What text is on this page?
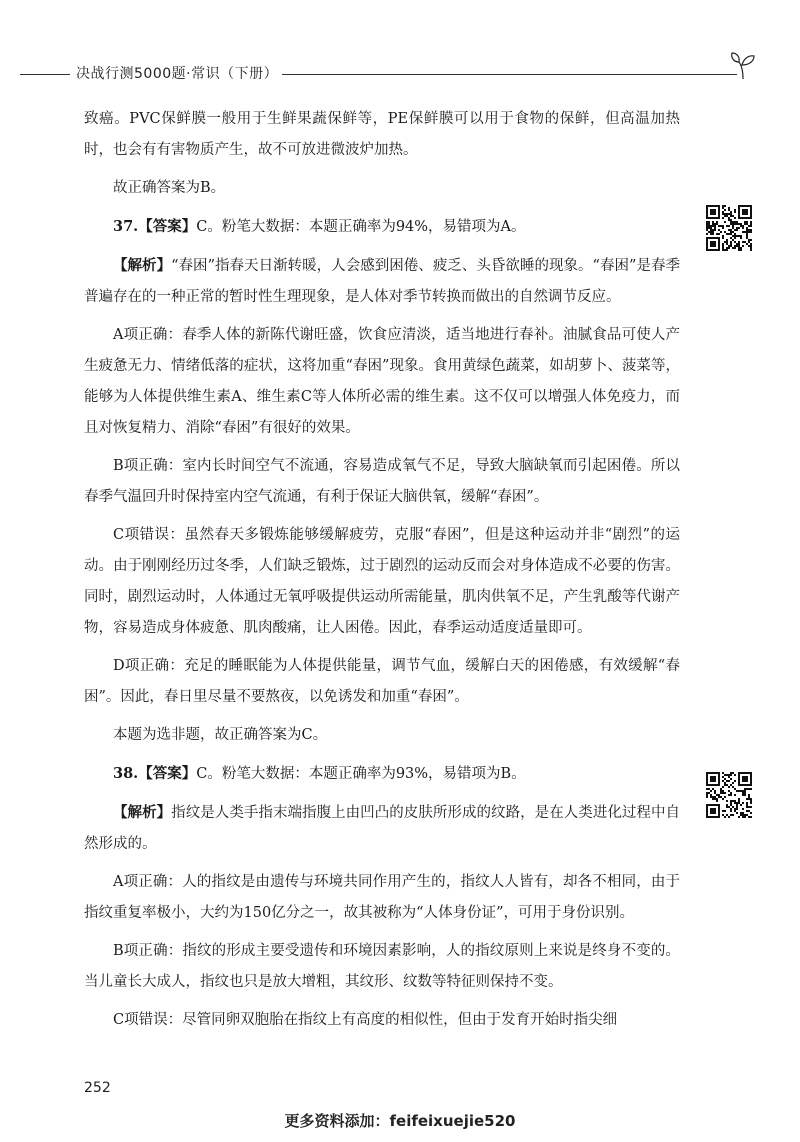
决战行测5000题·常识（下册）

致癌。PVC保鲜膜一般用于生鲜果蔬保鲜等，PE保鲜膜可以用于食物的保鲜，但高温加热时，也会有有害物质产生，故不可放进微波炉加热。

故正确答案为B。

37.【答案】C。粉笔大数据：本题正确率为94%，易错项为A。

【解析】“春困”指春天日渐转暖，人会感到困倦、疲乏、头昏欲睡的现象。“春困”是春季普遍存在的一种正常的暂时性生理现象，是人体对季节转换而做出的自然调节反应。

A项正确：春季人体的新陈代谢旺盛，饮食应清淡，适当地进行春补。油腻食品可使人产生疲惫无力、情绪低落的症状，这将加重“春困”现象。食用黄绿色蔬菜，如胡萝卜、菠菜等，能够为人体提供维生素A、维生素C等人体所必需的维生素。这不仅可以增强人体免疫力，而且对恢复精力、消除“春困”有很好的效果。

B项正确：室内长时间空气不流通，容易造成氧气不足，导致大脑缺氧而引起困倦。所以春季气温回升时保持室内空气流通，有利于保证大脑供氧，缓解“春困”。

C项错误：虽然春天多锻炼能够缓解疲劳，克服“春困”，但是这种运动并非“剧烈”的运动。由于刚刚经历过冬季，人们缺乏锻炼，过于剧烈的运动反而会对身体造成不必要的伤害。同时，剧烈运动时，人体通过无氧呼吸提供运动所需能量，肌肉供氧不足，产生乳酸等代谢产物，容易造成身体疲惫、肌肉酸痛，让人困倦。因此，春季运动适度适量即可。

D项正确：充足的睡眠能为人体提供能量，调节气血，缓解白天的困倦感，有效缓解“春困”。因此，春日里尽量不要熬夜，以免诱发和加重“春困”。

本题为选非题，故正确答案为C。

38.【答案】C。粉笔大数据：本题正确率为93%，易错项为B。

【解析】指纹是人类手指末端指腹上由凹凸的皮肤所形成的纹路，是在人类进化过程中自然形成的。

A项正确：人的指纹是由遗传与环境共同作用产生的，指纹人人皆有，却各不相同，由于指纹重复率极小，大约为150亿分之一，故其被称为“人体身份证”，可用于身份识别。

B项正确：指纹的形成主要受遗传和环境因素影响，人的指纹原则上来说是终身不变的。当儿童长大成人，指纹也只是放大增粗，其纹形、纹数等特征则保持不变。

C项错误：尽管同卵双胞胎在指纹上有高度的相似性，但由于发育开始时指尖细

252
更多资料添加：feifeixuejie520
